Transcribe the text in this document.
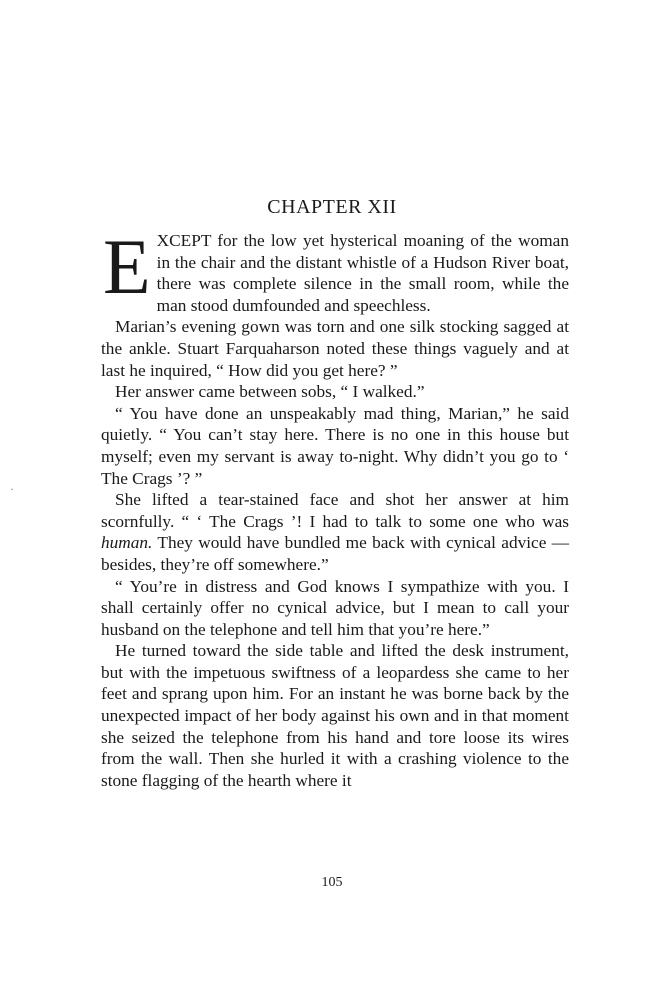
CHAPTER XII

EXCEPT for the low yet hysterical moaning of the woman in the chair and the distant whistle of a Hudson River boat, there was complete silence in the small room, while the man stood dumfounded and speechless.

Marian’s evening gown was torn and one silk stocking sagged at the ankle. Stuart Farquaharson noted these things vaguely and at last he inquired, “ How did you get here? ”

Her answer came between sobs, “ I walked.”

“ You have done an unspeakably mad thing, Marian,” he said quietly. “ You can’t stay here. There is no one in this house but myself; even my servant is away to-night. Why didn’t you go to ‘ The Crags ’? ”

She lifted a tear-stained face and shot her answer at him scornfully. “ ‘ The Crags ’! I had to talk to some one who was human. They would have bundled me back with cynical advice — besides, they’re off somewhere.”

“ You’re in distress and God knows I sympathize with you. I shall certainly offer no cynical advice, but I mean to call your husband on the telephone and tell him that you’re here.”

He turned toward the side table and lifted the desk instrument, but with the impetuous swiftness of a leopardess she came to her feet and sprang upon him. For an instant he was borne back by the unexpected impact of her body against his own and in that moment she seized the telephone from his hand and tore loose its wires from the wall. Then she hurled it with a crashing violence to the stone flagging of the hearth where it

·
105
